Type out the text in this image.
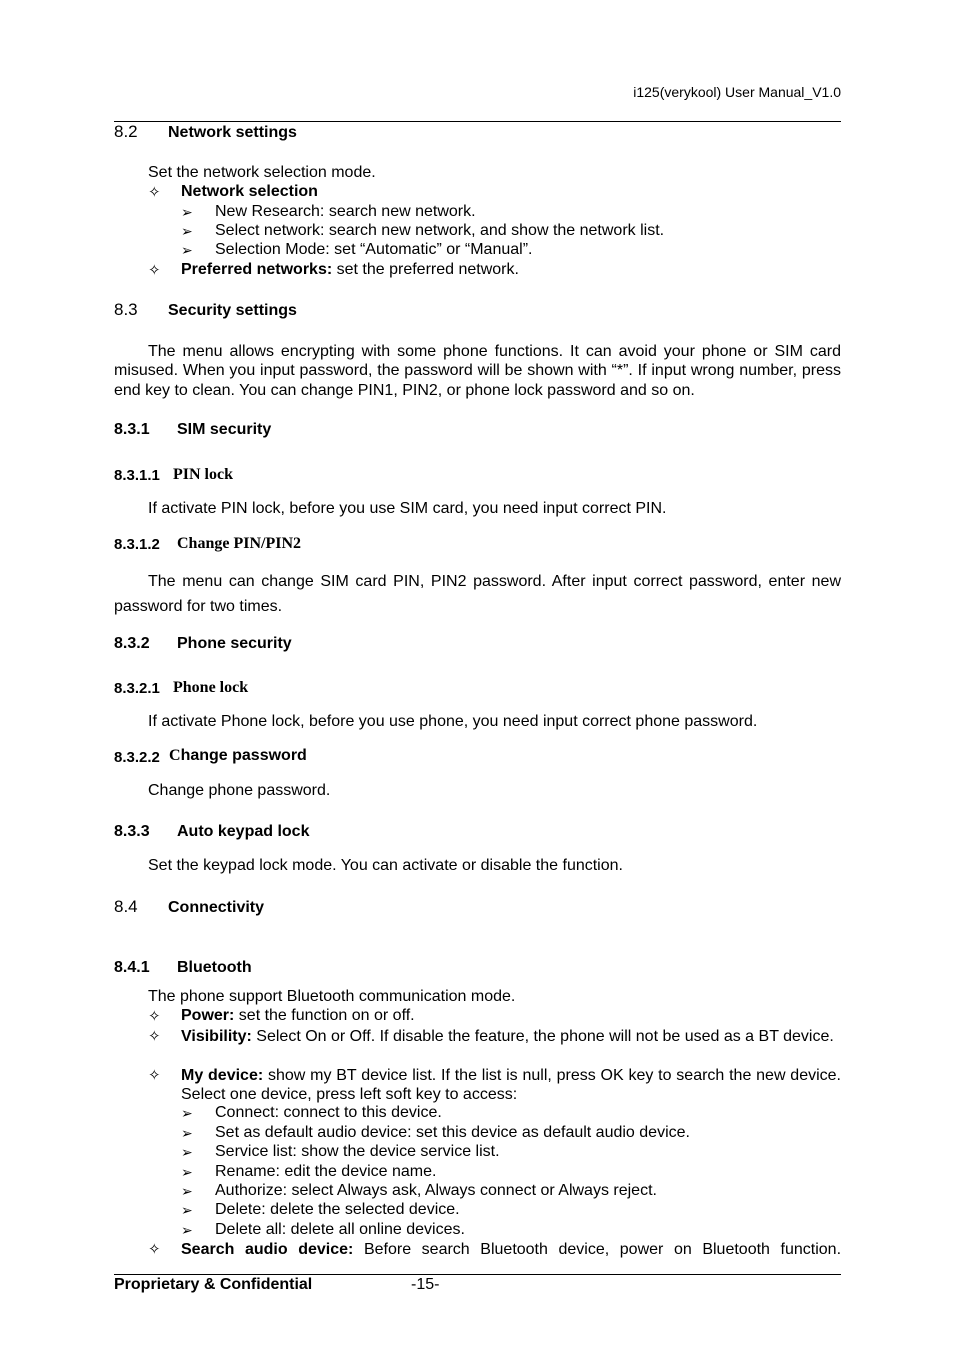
i125(verykool) User Manual_V1.0
8.2 Network settings
Set the network selection mode.
✧ Network selection
➢ New Research: search new network.
➢ Select network: search new network, and show the network list.
➢ Selection Mode: set “Automatic” or “Manual”.
✧ Preferred networks: set the preferred network.
8.3 Security settings
The menu allows encrypting with some phone functions. It can avoid your phone or SIM card misused. When you input password, the password will be shown with “*”. If input wrong number, press end key to clean. You can change PIN1, PIN2, or phone lock password and so on.
8.3.1 SIM security
8.3.1.1 PIN lock
If activate PIN lock, before you use SIM card, you need input correct PIN.
8.3.1.2 Change PIN/PIN2
The menu can change SIM card PIN, PIN2 password. After input correct password, enter new password for two times.
8.3.2 Phone security
8.3.2.1 Phone lock
If activate Phone lock, before you use phone, you need input correct phone password.
8.3.2.2 Change password
Change phone password.
8.3.3 Auto keypad lock
Set the keypad lock mode. You can activate or disable the function.
8.4 Connectivity
8.4.1 Bluetooth
The phone support Bluetooth communication mode.
✧ Power: set the function on or off.
✧ Visibility: Select On or Off. If disable the feature, the phone will not be used as a BT device.
✧ My device: show my BT device list. If the list is null, press OK key to search the new device. Select one device, press left soft key to access:
➢ Connect: connect to this device.
➢ Set as default audio device: set this device as default audio device.
➢ Service list: show the device service list.
➢ Rename: edit the device name.
➢ Authorize: select Always ask, Always connect or Always reject.
➢ Delete: delete the selected device.
➢ Delete all: delete all online devices.
✧ Search audio device: Before search Bluetooth device, power on Bluetooth function.
Proprietary & Confidential	-15-
